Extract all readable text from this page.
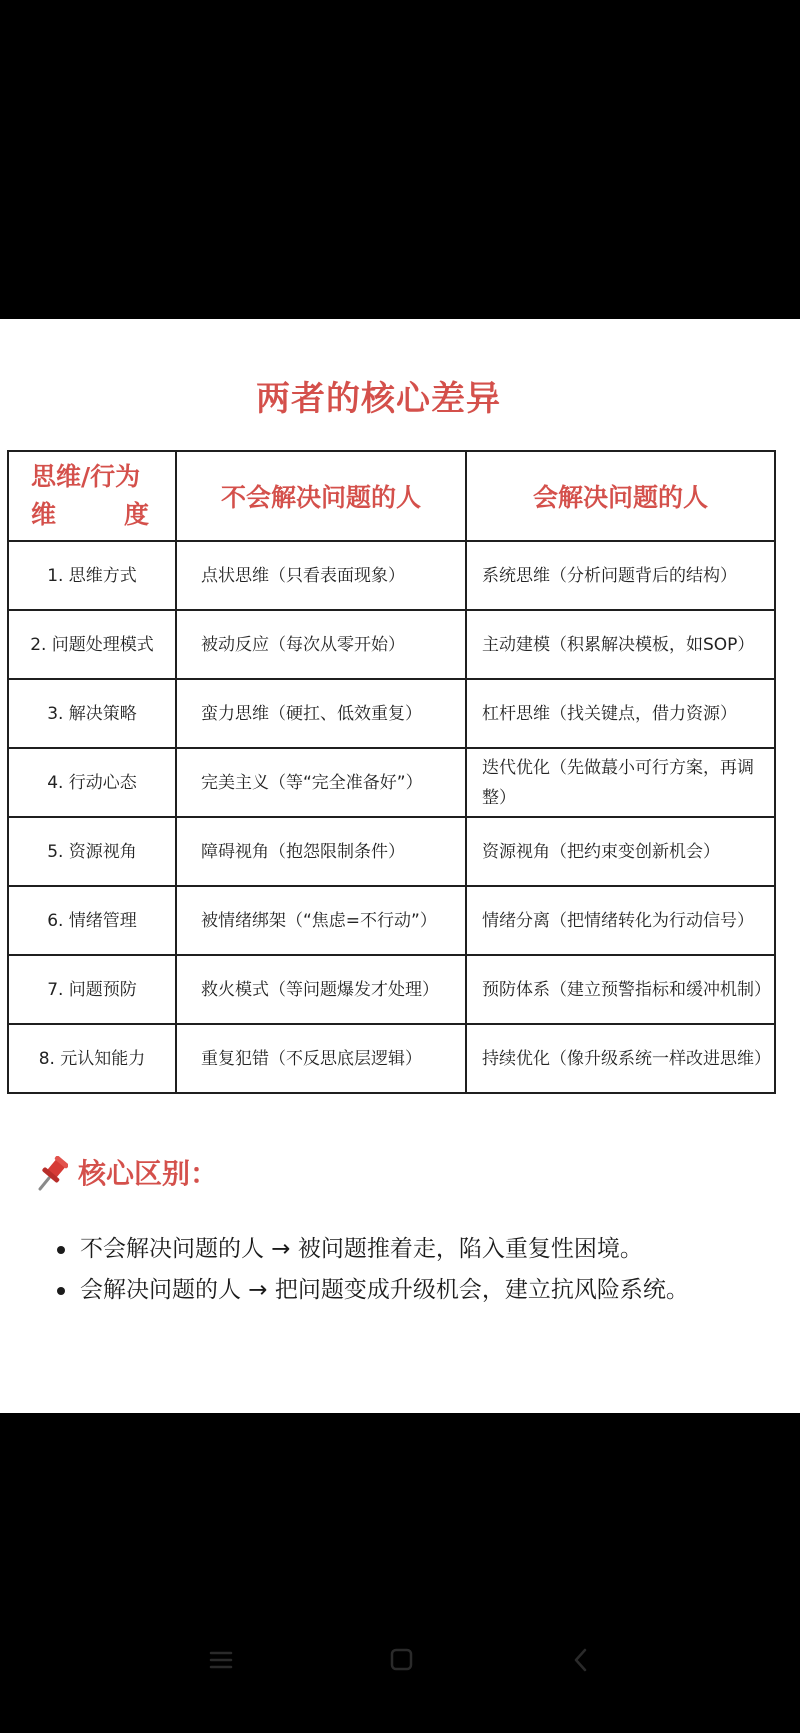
两者的核心差异
思维/行为
维 度	不会解决问题的人	会解决问题的人
1. 思维方式	点状思维（只看表面现象）	系统思维（分析问题背后的结构）
2. 问题处理模式	被动反应（每次从零开始）	主动建模（积累解决模板，如SOP）
3. 解决策略	蛮力思维（硬扛、低效重复）	杠杆思维（找关键点，借力资源）
4. 行动心态	完美主义（等“完全准备好”）	迭代优化（先做蕞小可行方案，再调整）
5. 资源视角	障碍视角（抱怨限制条件）	资源视角（把约束变创新机会）
6. 情绪管理	被情绪绑架（“焦虑=不行动”）	情绪分离（把情绪转化为行动信号）
7. 问题预防	救火模式（等问题爆发才处理）	预防体系（建立预警指标和缓冲机制）
8. 元认知能力	重复犯错（不反思底层逻辑）	持续优化（像升级系统一样改进思维）
核心区别：
不会解决问题的人 → 被问题推着走，陷入重复性困境。
会解决问题的人 → 把问题变成升级机会，建立抗风险系统。
